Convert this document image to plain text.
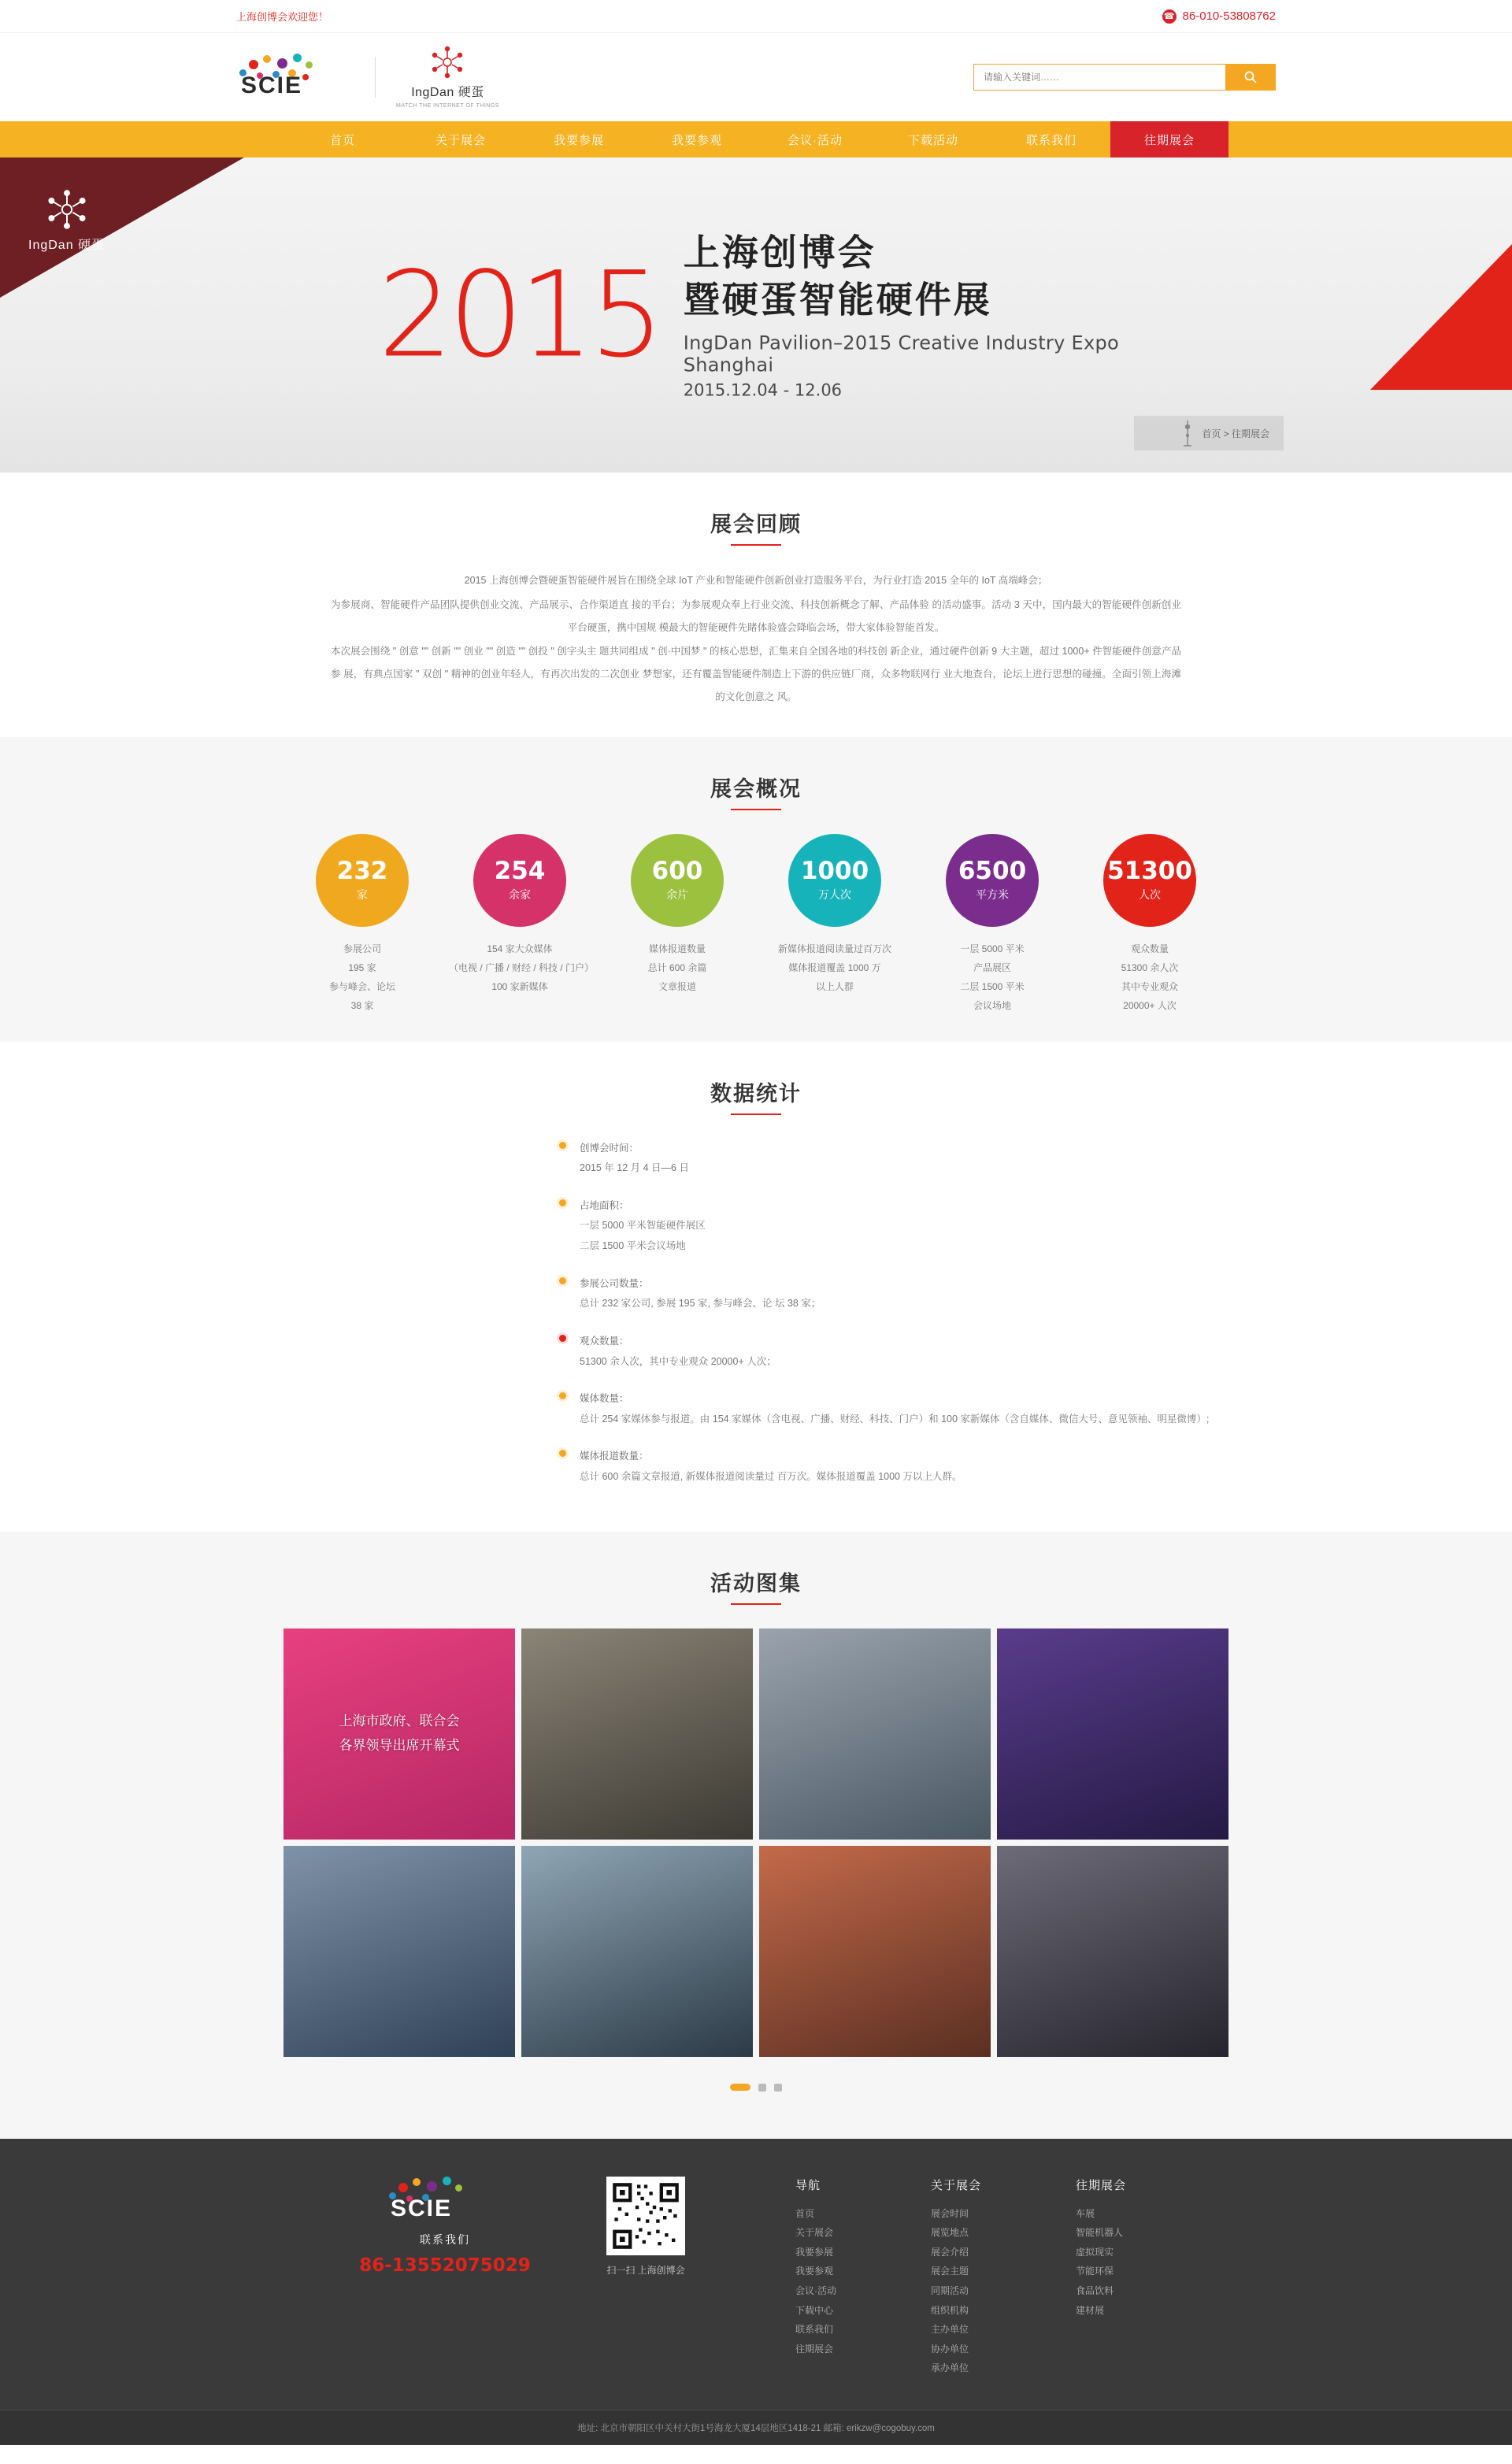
上海创博会欢迎您！	☎ 86-010-53808762
SCIE	IngDan 硬蛋
MATCH THE INTERNET OF THINGS
请输入关键词……
首页	关于展会	我要参展	我要参观	会议·活动	下载活动	联系我们	往期展会
IngDan 硬蛋
2015 上海创博会
暨硬蛋智能硬件展
IngDan Pavilion–2015 Creative Industry Expo Shanghai
2015.12.04 - 12.06
首页 > 往期展会
展会回顾

2015 上海创博会暨硬蛋智能硬件展旨在围绕全球 IoT 产业和智能硬件创新创业打造服务平台，为行业打造 2015 全年的 IoT 高端峰会；

为参展商、智能硬件产品团队提供创业交流、产品展示、合作渠道直 接的平台；为参展观众奉上行业交流、科技创新概念了解、产品体验 的活动盛事。活动 3 天中，国内最大的智能硬件创新创业平台硬蛋，携中国规 模最大的智能硬件先睹体验盛会降临会场，带大家体验智能首发。

本次展会围绕 " 创意 "" 创新 "" 创业 "" 创造 "" 创投 " 创字头主 题共同组成 " 创·中国梦 " 的核心思想，汇集来自全国各地的科技创 新企业，通过硬件创新 9 大主题，超过 1000+ 件智能硬件创意产品参 展，有典点国家 " 双创 " 精神的创业年轻人，有再次出发的二次创业 梦想家，还有覆盖智能硬件制造上下游的供应链厂商，众多物联网行 业大地查台，论坛上进行思想的碰撞。全面引领上海滩的文化创意之 风。

展会概况
232
家
参展公司
195 家
参与峰会、论坛
38 家
254
余家
154 家大众媒体
（电视 / 广播 / 财经 / 科技 / 门户）
100 家新媒体
600
余片
媒体报道数量
总计 600 余篇
文章报道
1000
万人次
新媒体报道阅读量过百万次
媒体报道覆盖 1000 万
以上人群
6500
平方米
一层 5000 平米
产品展区
二层 1500 平米
会议场地
51300
人次
观众数量
51300 余人次
其中专业观众
20000+ 人次
数据统计
创博会时间：
2015 年 12 月 4 日—6 日
占地面积：
一层 5000 平米智能硬件展区
二层 1500 平米会议场地
参展公司数量：
总计 232 家公司, 参展 195 家, 参与峰会、论 坛 38 家；
观众数量：
51300 余人次，其中专业观众 20000+ 人次；
媒体数量：
总计 254 家媒体参与报道。由 154 家媒体（含电视、广播、财经、科技、门户）和 100 家新媒体（含自媒体、微信大号、意见领袖、明星微博）;
媒体报道数量：
总计 600 余篇文章报道, 新媒体报道阅读量过 百万次。媒体报道覆盖 1000 万以上人群。
活动图集
上海市政府、联合会
各界领导出席开幕式
SCIE
联系我们
86-13552075029	扫一扫 上海创博会
导航
首页
关于展会
我要参展
我要参观
会议·活动
下载中心
联系我们
往期展会
关于展会
展会时间
展览地点
展会介绍
展会主题
同期活动
组织机构
主办单位
协办单位
承办单位
往期展会
车展
智能机器人
虚拟现实
节能环保
食品饮料
建材展
地址: 北京市朝阳区中关村大街1号海龙大厦14层地区1418-21 邮箱: erikzw@cogobuy.com
